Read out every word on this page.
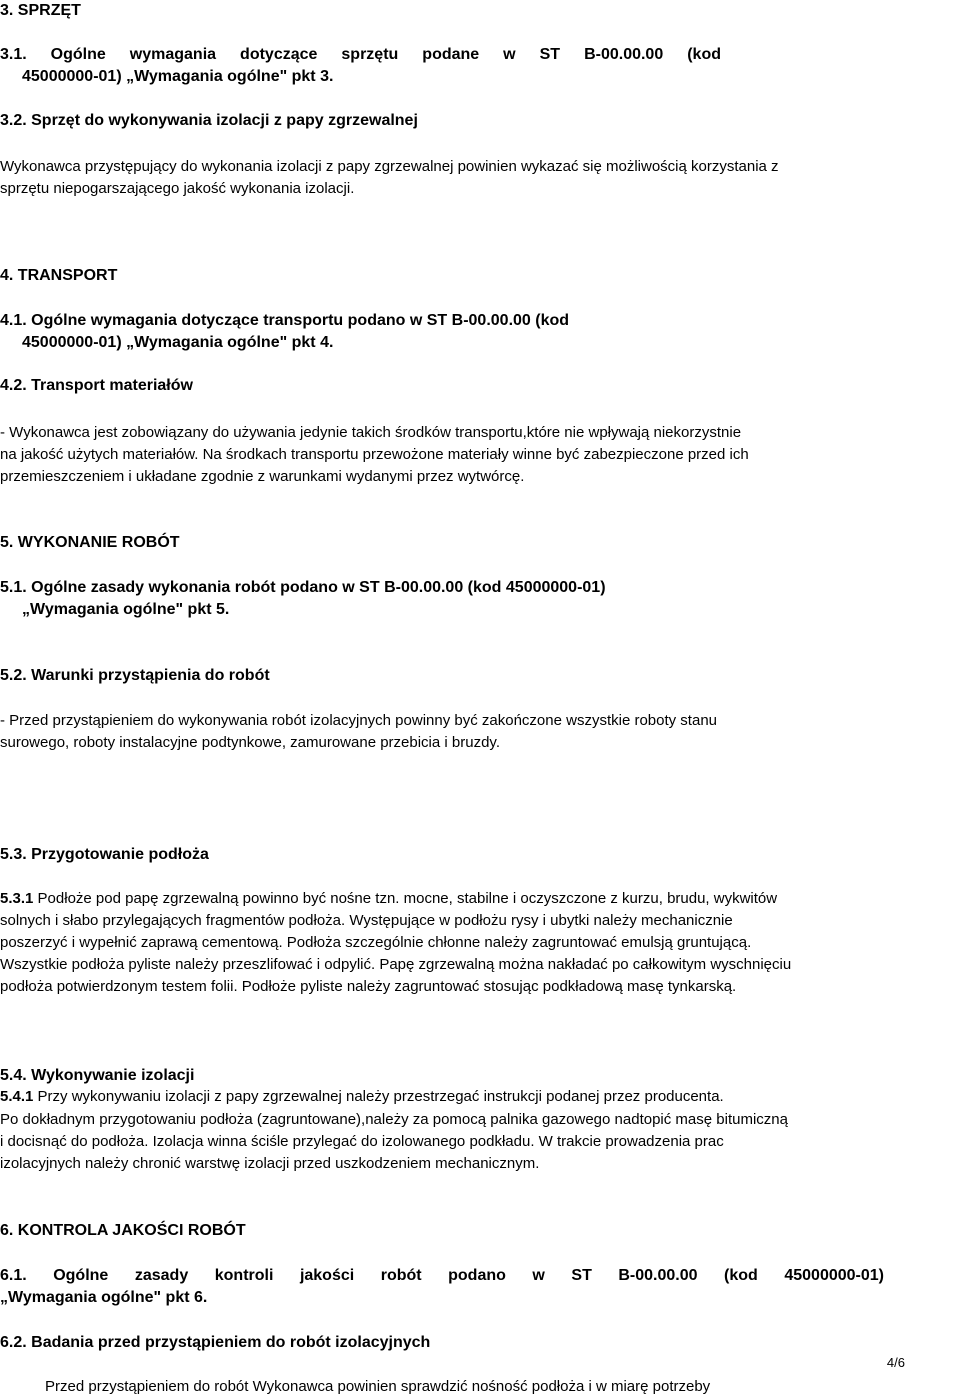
3. SPRZĘT
3.1. Ogólne wymagania dotyczące sprzętu podane w ST B-00.00.00 (kod
45000000-01) „Wymagania ogólne" pkt 3.
3.2. Sprzęt do wykonywania izolacji z papy zgrzewalnej
Wykonawca przystępujący do wykonania izolacji z papy zgrzewalnej powinien wykazać się możliwością korzystania z
sprzętu niepogarszającego jakość wykonania izolacji.
4. TRANSPORT
4.1. Ogólne wymagania dotyczące transportu podano w ST B-00.00.00 (kod
45000000-01) „Wymagania ogólne" pkt 4.
4.2. Transport materiałów
- Wykonawca jest zobowiązany do używania jedynie takich środków transportu,które nie wpływają niekorzystnie
na jakość użytych materiałów. Na środkach transportu przewożone materiały winne być zabezpieczone przed ich
przemieszczeniem i układane zgodnie z warunkami wydanymi przez wytwórcę.
5. WYKONANIE ROBÓT
5.1. Ogólne zasady wykonania robót podano w ST B-00.00.00 (kod 45000000-01)
„Wymagania ogólne" pkt 5.
5.2. Warunki przystąpienia do robót
- Przed przystąpieniem do wykonywania robót izolacyjnych powinny być zakończone wszystkie roboty stanu
surowego, roboty instalacyjne podtynkowe, zamurowane przebicia i bruzdy.
5.3. Przygotowanie podłoża
5.3.1 Podłoże pod papę zgrzewalną powinno być nośne tzn. mocne, stabilne i oczyszczone z kurzu, brudu, wykwitów
solnych i słabo przylegających fragmentów podłoża. Występujące w podłożu rysy i ubytki należy mechanicznie
poszerzyć i wypełnić zaprawą cementową. Podłoża szczególnie chłonne należy zagruntować emulsją gruntującą.
Wszystkie podłoża pyliste należy przeszlifować i odpylić. Papę zgrzewalną można nakładać po całkowitym wyschnięciu
podłoża potwierdzonym testem folii. Podłoże pyliste należy zagruntować stosując podkładową masę tynkarską.
5.4. Wykonywanie izolacji
5.4.1 Przy wykonywaniu izolacji z papy zgrzewalnej należy przestrzegać instrukcji podanej przez producenta.
Po dokładnym przygotowaniu podłoża (zagruntowane),należy za pomocą palnika gazowego nadtopić masę bitumiczną
i docisnąć do podłoża. Izolacja winna ściśle przylegać do izolowanego podkładu. W trakcie prowadzenia prac
izolacyjnych należy chronić warstwę izolacji przed uszkodzeniem mechanicznym.
6. KONTROLA JAKOŚCI ROBÓT
6.1. Ogólne zasady kontroli jakości robót podano w ST B-00.00.00 (kod 45000000-01)
„Wymagania ogólne" pkt 6.
6.2. Badania przed przystąpieniem do robót izolacyjnych
4/6
Przed przystąpieniem do robót Wykonawca powinien sprawdzić nośność podłoża i w miarę potrzeby
